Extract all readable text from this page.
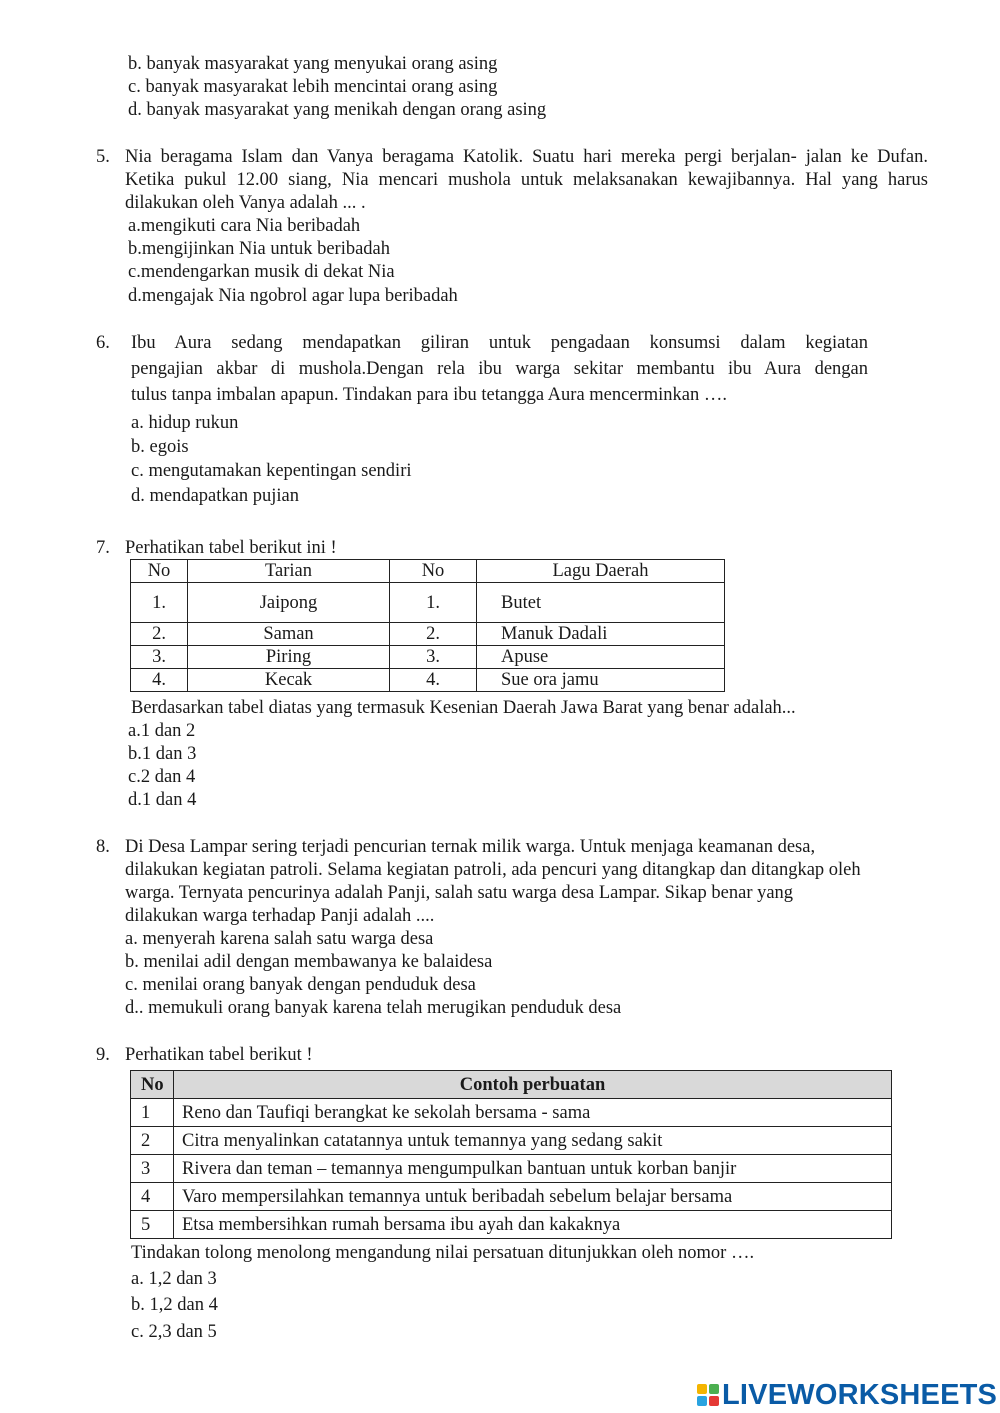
b. banyak masyarakat yang menyukai orang asing
c. banyak masyarakat lebih mencintai orang asing
d. banyak masyarakat yang menikah dengan orang asing
5. Nia beragama Islam dan Vanya beragama Katolik. Suatu hari mereka pergi berjalan- jalan ke Dufan.
Ketika pukul 12.00 siang, Nia mencari mushola untuk melaksanakan kewajibannya. Hal yang harus
dilakukan oleh Vanya adalah ... .
a.mengikuti cara Nia beribadah
b.mengijinkan Nia untuk beribadah
c.mendengarkan musik di dekat Nia
d.mengajak Nia ngobrol agar lupa beribadah
6. Ibu Aura sedang mendapatkan giliran untuk pengadaan konsumsi dalam kegiatan
pengajian akbar di mushola.Dengan rela ibu warga sekitar membantu ibu Aura dengan
tulus tanpa imbalan apapun. Tindakan para ibu tetangga Aura mencerminkan ….
a. hidup rukun
b. egois
c. mengutamakan kepentingan sendiri
d. mendapatkan pujian
7. Perhatikan tabel berikut ini !
No	Tarian	No	Lagu Daerah
1.	Jaipong	1.	Butet
2.	Saman	2.	Manuk Dadali
3.	Piring	3.	Apuse
4.	Kecak	4.	Sue ora jamu
Berdasarkan tabel diatas yang termasuk Kesenian Daerah Jawa Barat yang benar adalah...
a.1 dan 2
b.1 dan 3
c.2 dan 4
d.1 dan 4
8. Di Desa Lampar sering terjadi pencurian ternak milik warga. Untuk menjaga keamanan desa,
dilakukan kegiatan patroli. Selama kegiatan patroli, ada pencuri yang ditangkap dan ditangkap oleh
warga. Ternyata pencurinya adalah Panji, salah satu warga desa Lampar. Sikap benar yang
dilakukan warga terhadap Panji adalah ....
a. menyerah karena salah satu warga desa
b. menilai adil dengan membawanya ke balaidesa
c. menilai orang banyak dengan penduduk desa
d.. memukuli orang banyak karena telah merugikan penduduk desa
9. Perhatikan tabel berikut !
No	Contoh perbuatan
1	Reno dan Taufiqi berangkat ke sekolah bersama - sama
2	Citra menyalinkan catatannya untuk temannya yang sedang sakit
3	Rivera dan teman – temannya mengumpulkan bantuan untuk korban banjir
4	Varo mempersilahkan temannya untuk beribadah sebelum belajar bersama
5	Etsa membersihkan rumah bersama ibu ayah dan kakaknya
Tindakan tolong menolong mengandung nilai persatuan ditunjukkan oleh nomor ….
a. 1,2 dan 3
b. 1,2 dan 4
c. 2,3 dan 5
LIVEWORKSHEETS
